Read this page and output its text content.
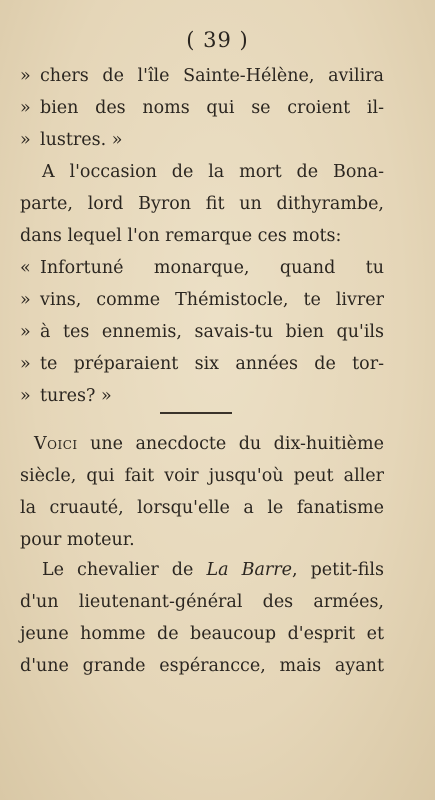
( 39 )
» chers de l'île Sainte-Hélène, avilira
» bien des noms qui se croient il-
» lustres. »
A l'occasion de la mort de Bona-
parte, lord Byron fit un dithyrambe,
dans lequel l'on remarque ces mots:
« Infortuné monarque, quand tu
» vins, comme Thémistocle, te livrer
» à tes ennemis, savais-tu bien qu'ils
» te préparaient six années de tor-
» tures? »
Voici une anecdocte du dix-huitième
siècle, qui fait voir jusqu'où peut aller
la cruauté, lorsqu'elle a le fanatisme
pour moteur.
Le chevalier de La Barre, petit-fils
d'un lieutenant-général des armées,
jeune homme de beaucoup d'esprit et
d'une grande espérancce, mais ayant
